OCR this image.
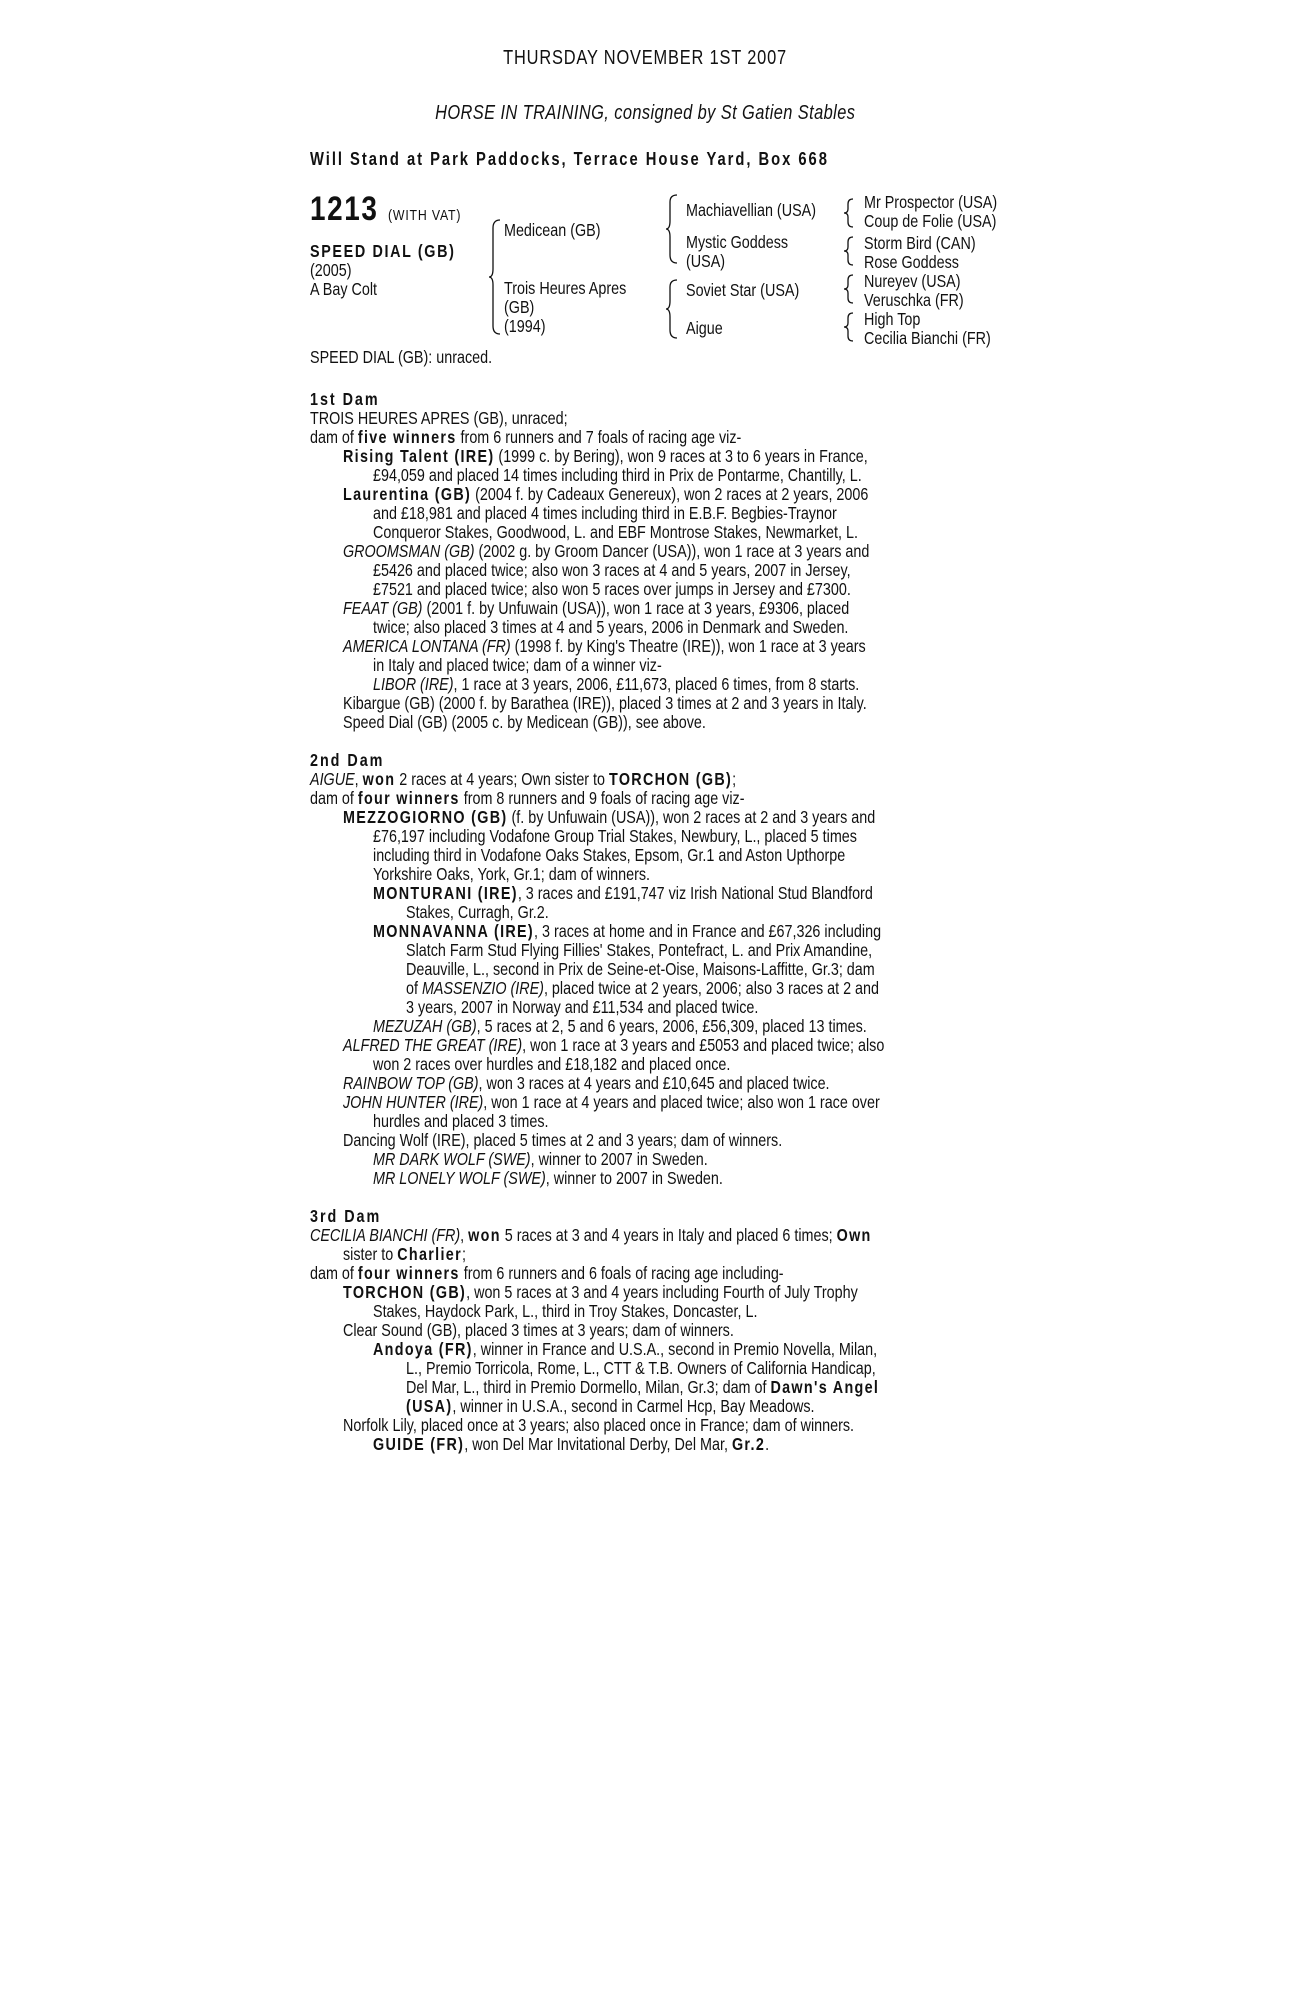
THURSDAY NOVEMBER 1ST 2007
HORSE IN TRAINING, consigned by St Gatien Stables
Will Stand at Park Paddocks, Terrace House Yard, Box 668
1213 (WITH VAT)
SPEED DIAL (GB)
(2005)
A Bay Colt
Medicean (GB)
Trois Heures Apres
(GB)
(1994)
Machiavellian (USA)
Mystic Goddess
(USA)
Soviet Star (USA)
Aigue
Mr Prospector (USA)
Coup de Folie (USA)
Storm Bird (CAN)
Rose Goddess
Nureyev (USA)
Veruschka (FR)
High Top
Cecilia Bianchi (FR)
SPEED DIAL (GB): unraced.
1st Dam
TROIS HEURES APRES (GB), unraced;
dam of five winners from 6 runners and 7 foals of racing age viz-
Rising Talent (IRE) (1999 c. by Bering), won 9 races at 3 to 6 years in France,
£94,059 and placed 14 times including third in Prix de Pontarme, Chantilly, L.
Laurentina (GB) (2004 f. by Cadeaux Genereux), won 2 races at 2 years, 2006
and £18,981 and placed 4 times including third in E.B.F. Begbies-Traynor
Conqueror Stakes, Goodwood, L. and EBF Montrose Stakes, Newmarket, L.
GROOMSMAN (GB) (2002 g. by Groom Dancer (USA)), won 1 race at 3 years and
£5426 and placed twice; also won 3 races at 4 and 5 years, 2007 in Jersey,
£7521 and placed twice; also won 5 races over jumps in Jersey and £7300.
FEAAT (GB) (2001 f. by Unfuwain (USA)), won 1 race at 3 years, £9306, placed
twice; also placed 3 times at 4 and 5 years, 2006 in Denmark and Sweden.
AMERICA LONTANA (FR) (1998 f. by King's Theatre (IRE)), won 1 race at 3 years
in Italy and placed twice; dam of a winner viz-
LIBOR (IRE), 1 race at 3 years, 2006, £11,673, placed 6 times, from 8 starts.
Kibargue (GB) (2000 f. by Barathea (IRE)), placed 3 times at 2 and 3 years in Italy.
Speed Dial (GB) (2005 c. by Medicean (GB)), see above.
2nd Dam
AIGUE, won 2 races at 4 years; Own sister to TORCHON (GB);
dam of four winners from 8 runners and 9 foals of racing age viz-
MEZZOGIORNO (GB) (f. by Unfuwain (USA)), won 2 races at 2 and 3 years and
£76,197 including Vodafone Group Trial Stakes, Newbury, L., placed 5 times
including third in Vodafone Oaks Stakes, Epsom, Gr.1 and Aston Upthorpe
Yorkshire Oaks, York, Gr.1; dam of winners.
MONTURANI (IRE), 3 races and £191,747 viz Irish National Stud Blandford
Stakes, Curragh, Gr.2.
MONNAVANNA (IRE), 3 races at home and in France and £67,326 including
Slatch Farm Stud Flying Fillies' Stakes, Pontefract, L. and Prix Amandine,
Deauville, L., second in Prix de Seine-et-Oise, Maisons-Laffitte, Gr.3; dam
of MASSENZIO (IRE), placed twice at 2 years, 2006; also 3 races at 2 and
3 years, 2007 in Norway and £11,534 and placed twice.
MEZUZAH (GB), 5 races at 2, 5 and 6 years, 2006, £56,309, placed 13 times.
ALFRED THE GREAT (IRE), won 1 race at 3 years and £5053 and placed twice; also
won 2 races over hurdles and £18,182 and placed once.
RAINBOW TOP (GB), won 3 races at 4 years and £10,645 and placed twice.
JOHN HUNTER (IRE), won 1 race at 4 years and placed twice; also won 1 race over
hurdles and placed 3 times.
Dancing Wolf (IRE), placed 5 times at 2 and 3 years; dam of winners.
MR DARK WOLF (SWE), winner to 2007 in Sweden.
MR LONELY WOLF (SWE), winner to 2007 in Sweden.
3rd Dam
CECILIA BIANCHI (FR), won 5 races at 3 and 4 years in Italy and placed 6 times; Own
sister to Charlier;
dam of four winners from 6 runners and 6 foals of racing age including-
TORCHON (GB), won 5 races at 3 and 4 years including Fourth of July Trophy
Stakes, Haydock Park, L., third in Troy Stakes, Doncaster, L.
Clear Sound (GB), placed 3 times at 3 years; dam of winners.
Andoya (FR), winner in France and U.S.A., second in Premio Novella, Milan,
L., Premio Torricola, Rome, L., CTT & T.B. Owners of California Handicap,
Del Mar, L., third in Premio Dormello, Milan, Gr.3; dam of Dawn's Angel
(USA), winner in U.S.A., second in Carmel Hcp, Bay Meadows.
Norfolk Lily, placed once at 3 years; also placed once in France; dam of winners.
GUIDE (FR), won Del Mar Invitational Derby, Del Mar, Gr.2.
